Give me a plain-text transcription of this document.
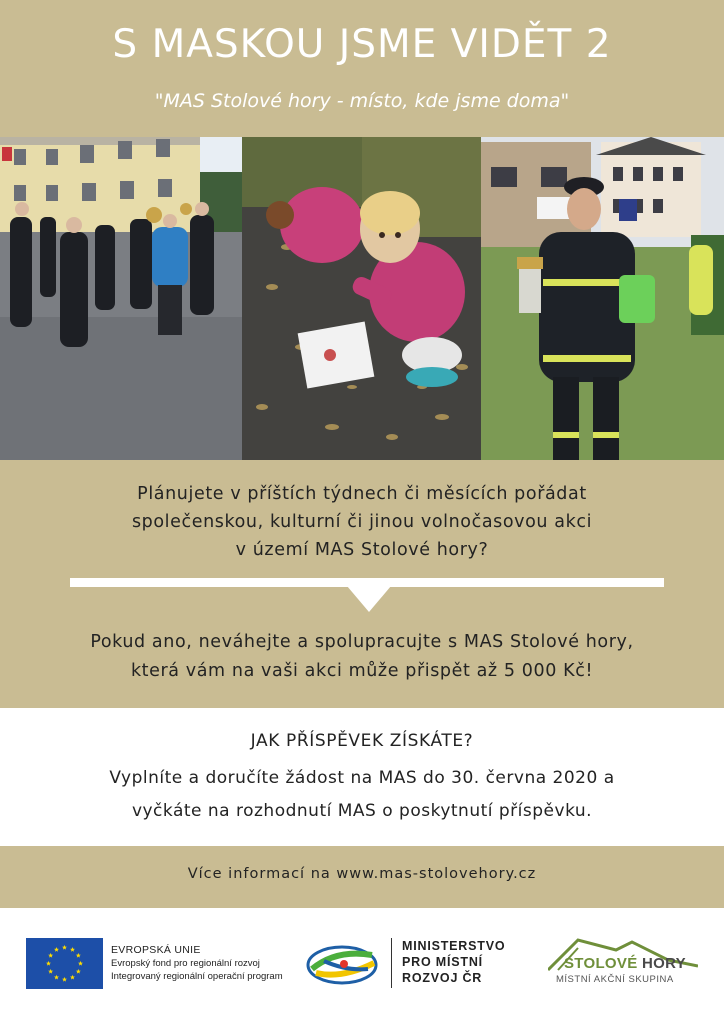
S MASKOU JSME VIDĚT 2
"MAS Stolové hory - místo, kde jsme doma"
Plánujete v příštích týdnech či měsících pořádat
společenskou, kulturní či jinou volnočasovou akci
v území MAS Stolové hory?
Pokud ano, neváhejte a spolupracujte s MAS Stolové hory,
která vám na vaši akci může přispět až 5 000 Kč!
JAK PŘÍSPĚVEK ZÍSKÁTE?
Vyplníte a doručíte žádost na MAS do 30. června 2020 a
vyčkáte na rozhodnutí MAS o poskytnutí příspěvku.
Více informací na www.mas-stolovehory.cz
EVROPSKÁ UNIE
Evropský fond pro regionální rozvoj
Integrovaný regionální operační program
MINISTERSTVO
PRO MÍSTNÍ
ROZVOJ ČR
STOLOVÉ HORY
MÍSTNÍ AKČNÍ SKUPINA
